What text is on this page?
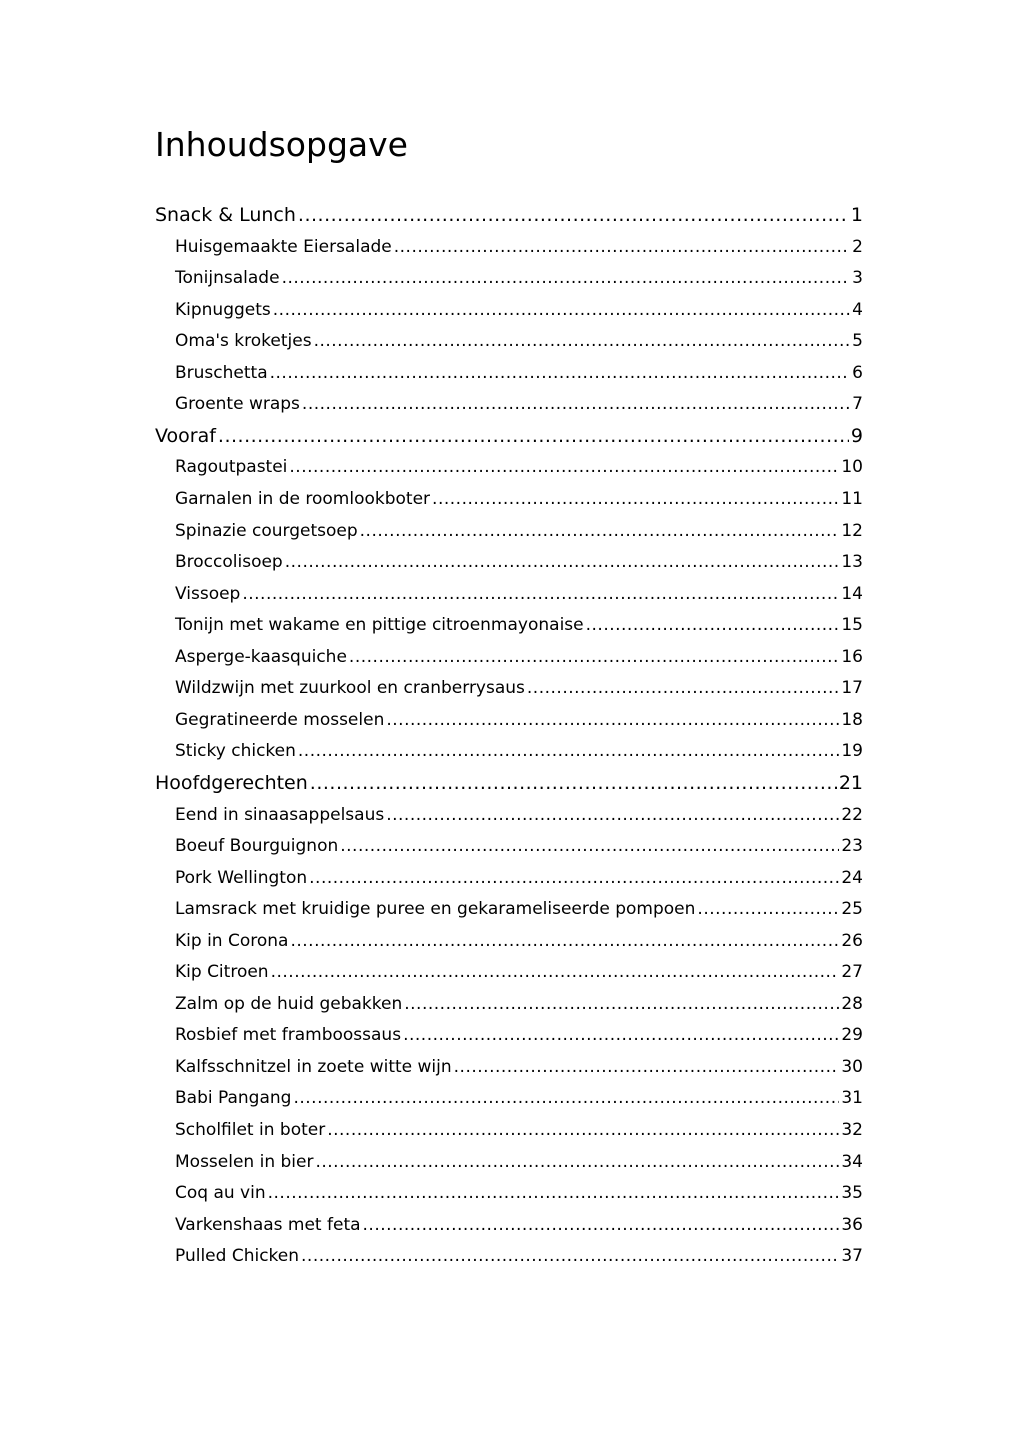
Inhoudsopgave
Snack & Lunch .....	1
Huisgemaakte Eiersalade .....	2
Tonijnsalade .....	3
Kipnuggets .....	4
Oma's kroketjes .....	5
Bruschetta .....	6
Groente wraps .....	7
Vooraf .....	9
Ragoutpastei .....	10
Garnalen in de roomlookboter .....	11
Spinazie courgetsoep .....	12
Broccolisoep .....	13
Vissoep .....	14
Tonijn met wakame en pittige citroenmayonaise .....	15
Asperge-kaasquiche .....	16
Wildzwijn met zuurkool en cranberrysaus .....	17
Gegratineerde mosselen .....	18
Sticky chicken .....	19
Hoofdgerechten .....	21
Eend in sinaasappelsaus .....	22
Boeuf Bourguignon .....	23
Pork Wellington .....	24
Lamsrack met kruidige puree en gekarameliseerde pompoen .....	25
Kip in Corona .....	26
Kip Citroen .....	27
Zalm op de huid gebakken .....	28
Rosbief met framboossaus .....	29
Kalfsschnitzel in zoete witte wijn .....	30
Babi Pangang .....	31
Scholfilet in boter .....	32
Mosselen in bier .....	34
Coq au vin .....	35
Varkenshaas met feta .....	36
Pulled Chicken .....	37
